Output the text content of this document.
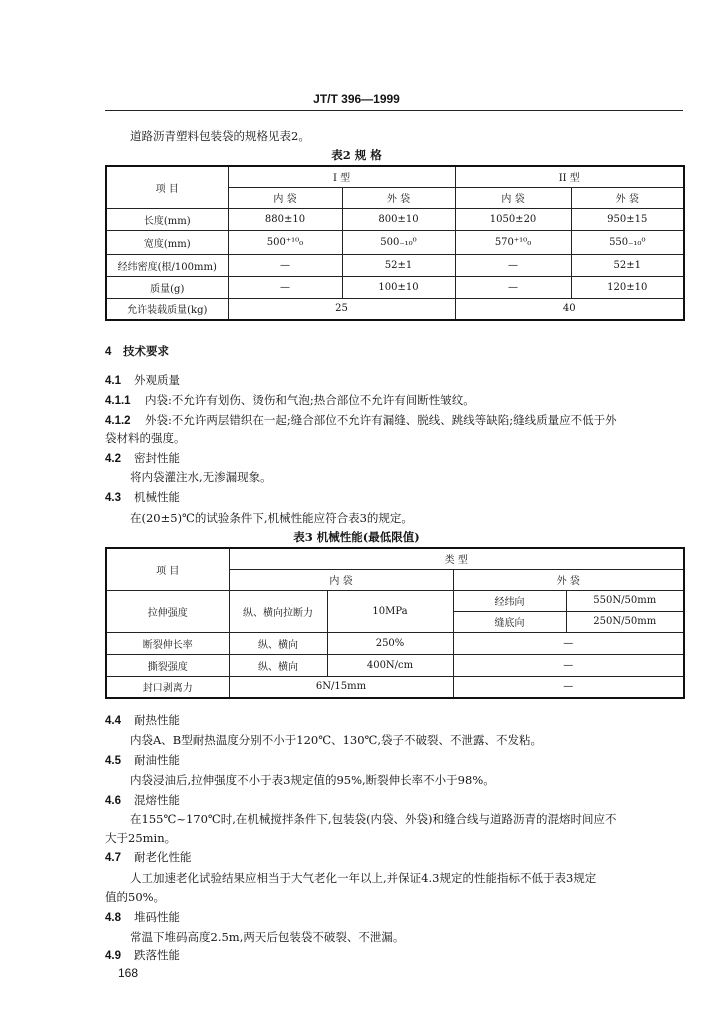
JT/T 396—1999
道路沥青塑料包装袋的规格见表2。
表2 规 格
项 目	I 型		II 型	
	内 袋	外 袋	内 袋	外 袋
长度(mm)	880±10	800±10	1050±20	950±15
宽度(mm)	500⁺¹⁰₀	500₋₁₀⁰	570⁺¹⁰₀	550₋₁₀⁰
经纬密度(根/100mm)	—	52±1	—	52±1
质量(g)	—	100±10	—	120±10
允许装载质量(kg)	25		40	
4 技术要求
4.1 外观质量
4.1.1 内袋:不允许有划伤、烫伤和气泡;热合部位不允许有间断性皱纹。
4.1.2 外袋:不允许两层错织在一起;缝合部位不允许有漏缝、脱线、跳线等缺陷;缝线质量应不低于外
袋材料的强度。
4.2 密封性能
将内袋灌注水,无渗漏现象。
4.3 机械性能
在(20±5)℃的试验条件下,机械性能应符合表3的规定。
表3 机械性能(最低限值)
项 目	类 型			
	内 袋		外 袋	
拉伸强度	纵、横向拉断力	10MPa	经纬向	550N/50mm
			缝底向	250N/50mm
断裂伸长率	纵、横向	250%	—	
撕裂强度	纵、横向	400N/cm	—	
封口剥离力	6N/15mm		—	
4.4 耐热性能
内袋A、B型耐热温度分别不小于120℃、130℃,袋子不破裂、不泄露、不发粘。
4.5 耐油性能
内袋浸油后,拉伸强度不小于表3规定值的95%,断裂伸长率不小于98%。
4.6 混熔性能
在155℃~170℃时,在机械搅拌条件下,包装袋(内袋、外袋)和缝合线与道路沥青的混熔时间应不
大于25min。
4.7 耐老化性能
人工加速老化试验结果应相当于大气老化一年以上,并保证4.3规定的性能指标不低于表3规定
值的50%。
4.8 堆码性能
常温下堆码高度2.5m,两天后包装袋不破裂、不泄漏。
4.9 跌落性能
168
